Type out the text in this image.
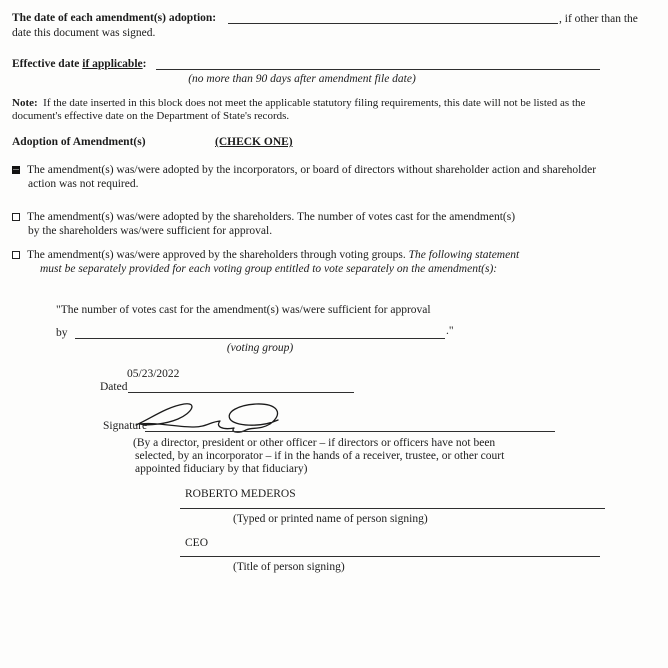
The date of each amendment(s) adoption:	, if other than the
date this document was signed.
Effective date if applicable:
(no more than 90 days after amendment file date)
Note: If the date inserted in this block does not meet the applicable statutory filing requirements, this date will not be listed as the
document's effective date on the Department of State's records.
Adoption of Amendment(s)	(CHECK ONE)
The amendment(s) was/were adopted by the incorporators, or board of directors without shareholder action and shareholder
action was not required.
The amendment(s) was/were adopted by the shareholders. The number of votes cast for the amendment(s)
by the shareholders was/were sufficient for approval.
The amendment(s) was/were approved by the shareholders through voting groups. The following statement
must be separately provided for each voting group entitled to vote separately on the amendment(s):
"The number of votes cast for the amendment(s) was/were sufficient for approval
by	."
(voting group)
05/23/2022
Dated
Signature
(By a director, president or other officer – if directors or officers have not been
selected, by an incorporator – if in the hands of a receiver, trustee, or other court
appointed fiduciary by that fiduciary)
ROBERTO MEDEROS
(Typed or printed name of person signing)
CEO
(Title of person signing)
